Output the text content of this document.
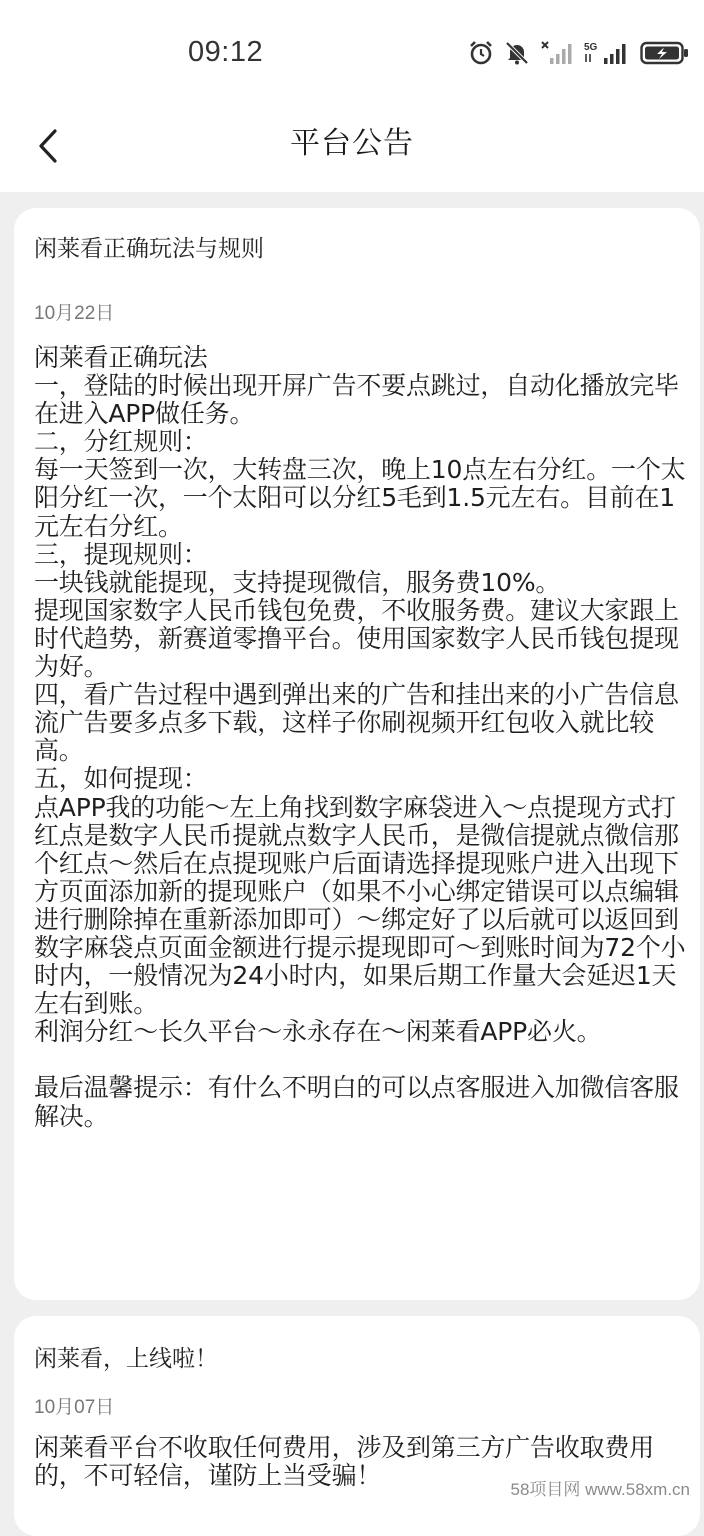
09:12	5G
平台公告
闲莱看正确玩法与规则
10月22日
闲莱看正确玩法
一，登陆的时候出现开屏广告不要点跳过，自动化播放完毕在进入APP做任务。
二，分红规则：
每一天签到一次，大转盘三次，晚上10点左右分红。一个太阳分红一次，一个太阳可以分红5毛到1.5元左右。目前在1元左右分红。
三，提现规则：
一块钱就能提现，支持提现微信，服务费10%。
提现国家数字人民币钱包免费，不收服务费。建议大家跟上时代趋势，新赛道零撸平台。使用国家数字人民币钱包提现为好。
四，看广告过程中遇到弹出来的广告和挂出来的小广告信息流广告要多点多下载，这样子你刷视频开红包收入就比较高。
五，如何提现：
点APP我的功能～左上角找到数字麻袋进入～点提现方式打红点是数字人民币提就点数字人民币，是微信提就点微信那个红点～然后在点提现账户后面请选择提现账户进入出现下方页面添加新的提现账户（如果不小心绑定错误可以点编辑进行删除掉在重新添加即可）～绑定好了以后就可以返回到数字麻袋点页面金额进行提示提现即可～到账时间为72个小时内，一般情况为24小时内，如果后期工作量大会延迟1天左右到账。
利润分红～长久平台～永永存在～闲莱看APP必火。

最后温馨提示：有什么不明白的可以点客服进入加微信客服解决。
闲莱看，上线啦！
10月07日
闲莱看平台不收取任何费用，涉及到第三方广告收取费用的，不可轻信，谨防上当受骗！	58项目网 www.58xm.cn
